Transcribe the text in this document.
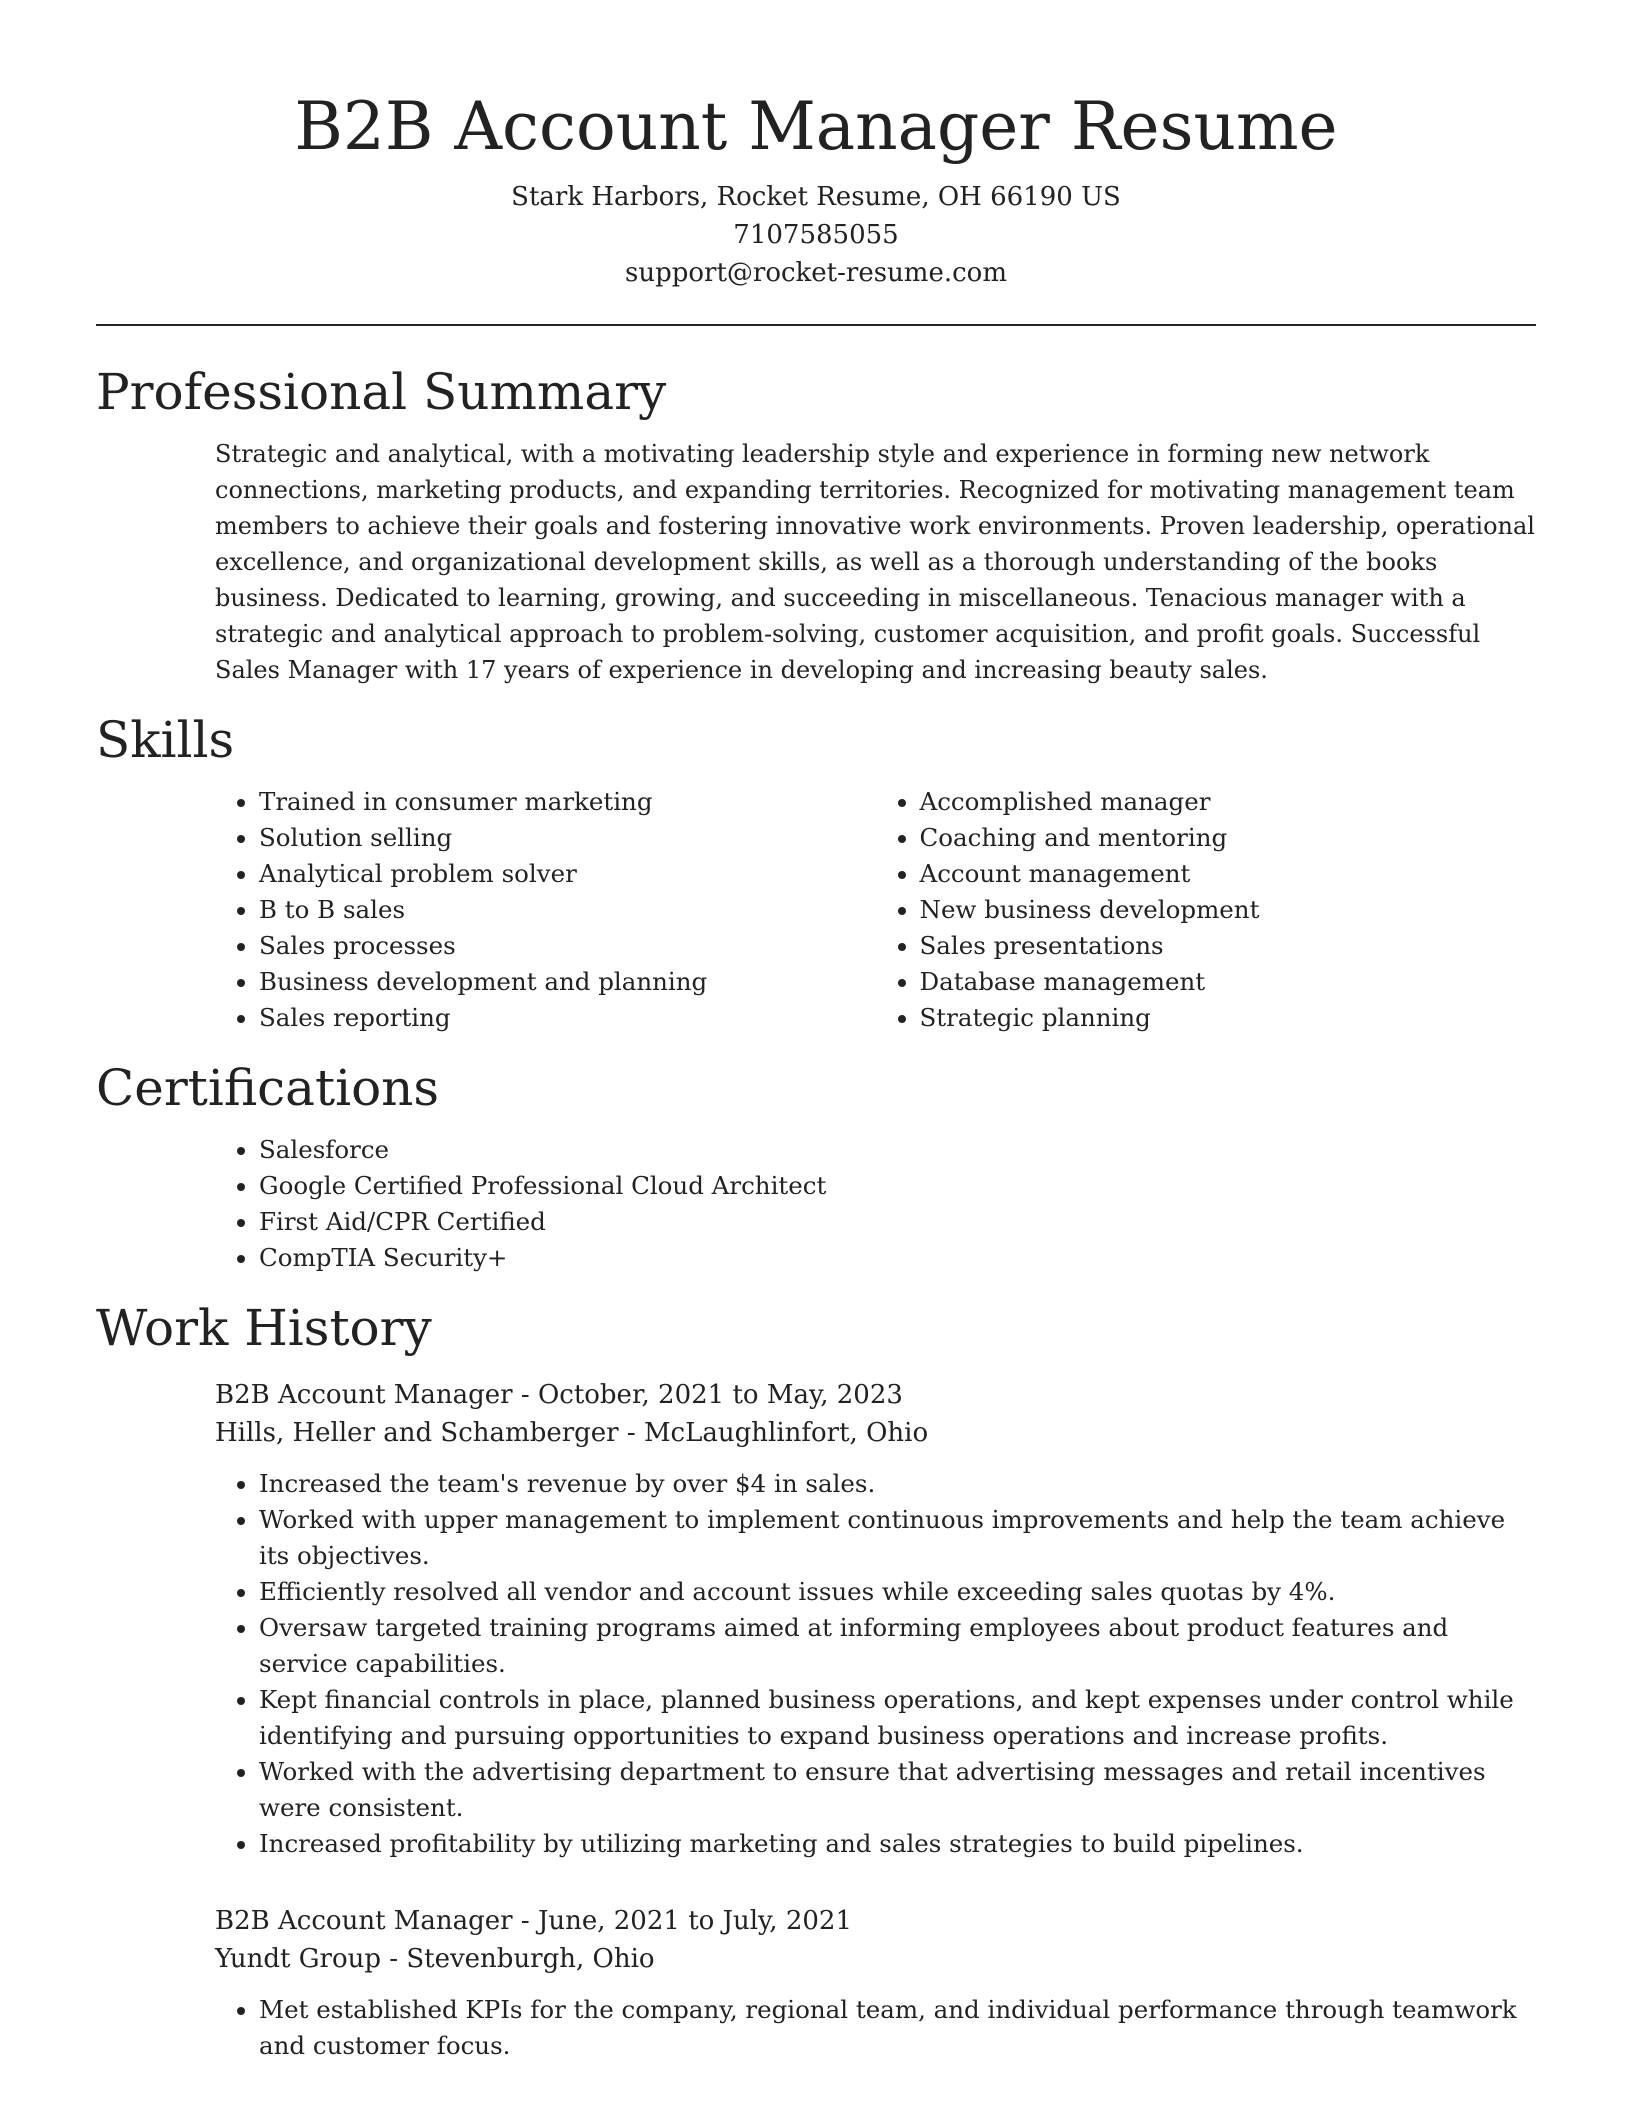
B2B Account Manager Resume
Stark Harbors, Rocket Resume, OH 66190 US
7107585055
support@rocket-resume.com
Professional Summary

Strategic and analytical, with a motivating leadership style and experience in forming new network connections, marketing products, and expanding territories. Recognized for motivating management team members to achieve their goals and fostering innovative work environments. Proven leadership, operational excellence, and organizational development skills, as well as a thorough understanding of the books business. Dedicated to learning, growing, and succeeding in miscellaneous. Tenacious manager with a strategic and analytical approach to problem-solving, customer acquisition, and profit goals. Successful Sales Manager with 17 years of experience in developing and increasing beauty sales.

Skills
• Trained in consumer marketing
• Solution selling
• Analytical problem solver
• B to B sales
• Sales processes
• Business development and planning
• Sales reporting
• Accomplished manager
• Coaching and mentoring
• Account management
• New business development
• Sales presentations
• Database management
• Strategic planning
Certifications
• Salesforce
• Google Certified Professional Cloud Architect
• First Aid/CPR Certified
• CompTIA Security+
Work History
B2B Account Manager - October, 2021 to May, 2023
Hills, Heller and Schamberger - McLaughlinfort, Ohio
• Increased the team's revenue by over $4 in sales.
• Worked with upper management to implement continuous improvements and help the team achieve its objectives.
• Efficiently resolved all vendor and account issues while exceeding sales quotas by 4%.
• Oversaw targeted training programs aimed at informing employees about product features and service capabilities.
• Kept financial controls in place, planned business operations, and kept expenses under control while identifying and pursuing opportunities to expand business operations and increase profits.
• Worked with the advertising department to ensure that advertising messages and retail incentives were consistent.
• Increased profitability by utilizing marketing and sales strategies to build pipelines.
B2B Account Manager - June, 2021 to July, 2021
Yundt Group - Stevenburgh, Ohio
• Met established KPIs for the company, regional team, and individual performance through teamwork and customer focus.
